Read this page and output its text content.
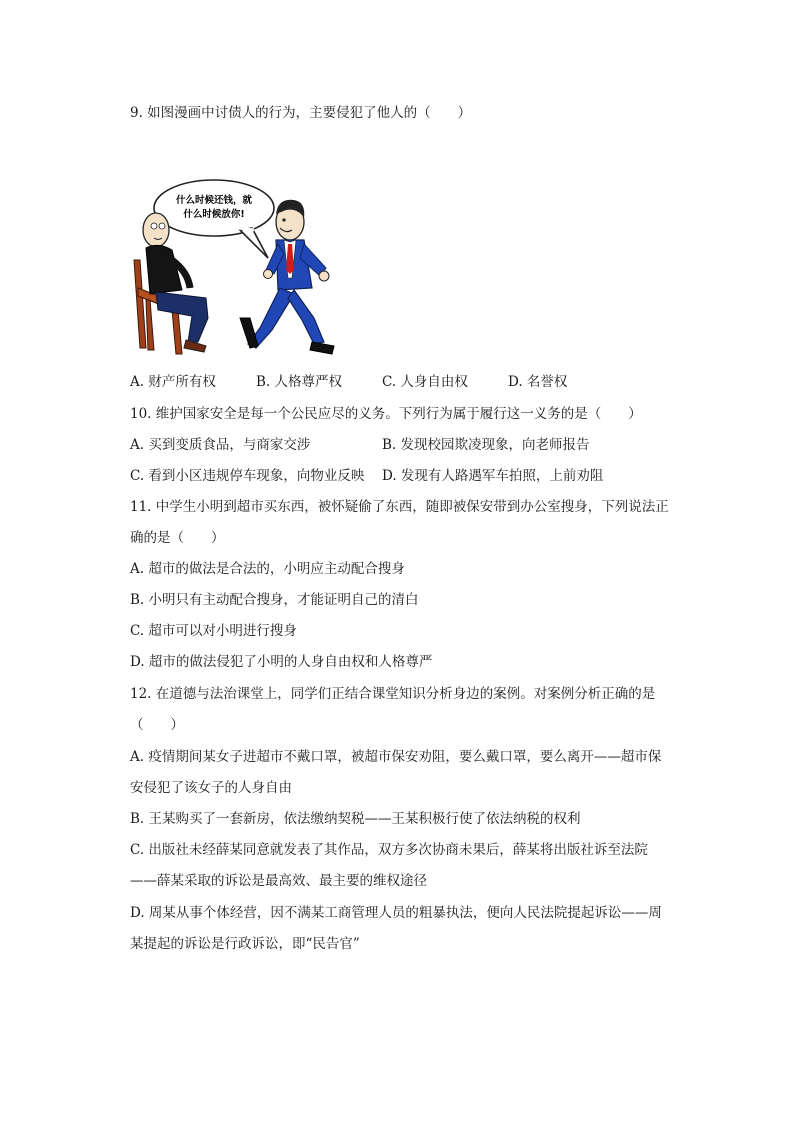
9. 如图漫画中讨债人的行为，主要侵犯了他人的（　　）
什么时候还钱，就
什么时候放你!
A. 财产所有权	B. 人格尊严权	C. 人身自由权	D. 名誉权
10. 维护国家安全是每一个公民应尽的义务。下列行为属于履行这一义务的是（　　）
A. 买到变质食品，与商家交涉	B. 发现校园欺凌现象，向老师报告
C. 看到小区违规停车现象，向物业反映 D. 发现有人路遇军车拍照，上前劝阻
11. 中学生小明到超市买东西，被怀疑偷了东西，随即被保安带到办公室搜身，下列说法正
确的是（　　）
A. 超市的做法是合法的，小明应主动配合搜身
B. 小明只有主动配合搜身，才能证明自己的清白
C. 超市可以对小明进行搜身
D. 超市的做法侵犯了小明的人身自由权和人格尊严
12. 在道德与法治课堂上，同学们正结合课堂知识分析身边的案例。对案例分析正确的是
（　　）
A. 疫情期间某女子进超市不戴口罩，被超市保安劝阻，要么戴口罩，要么离开——超市保
安侵犯了该女子的人身自由
B. 王某购买了一套新房，依法缴纳契税——王某积极行使了依法纳税的权利
C. 出版社未经薛某同意就发表了其作品，双方多次协商未果后，薛某将出版社诉至法院
——薛某采取的诉讼是最高效、最主要的维权途径
D. 周某从事个体经营，因不满某工商管理人员的粗暴执法，便向人民法院提起诉讼——周
某提起的诉讼是行政诉讼，即“民告官”
